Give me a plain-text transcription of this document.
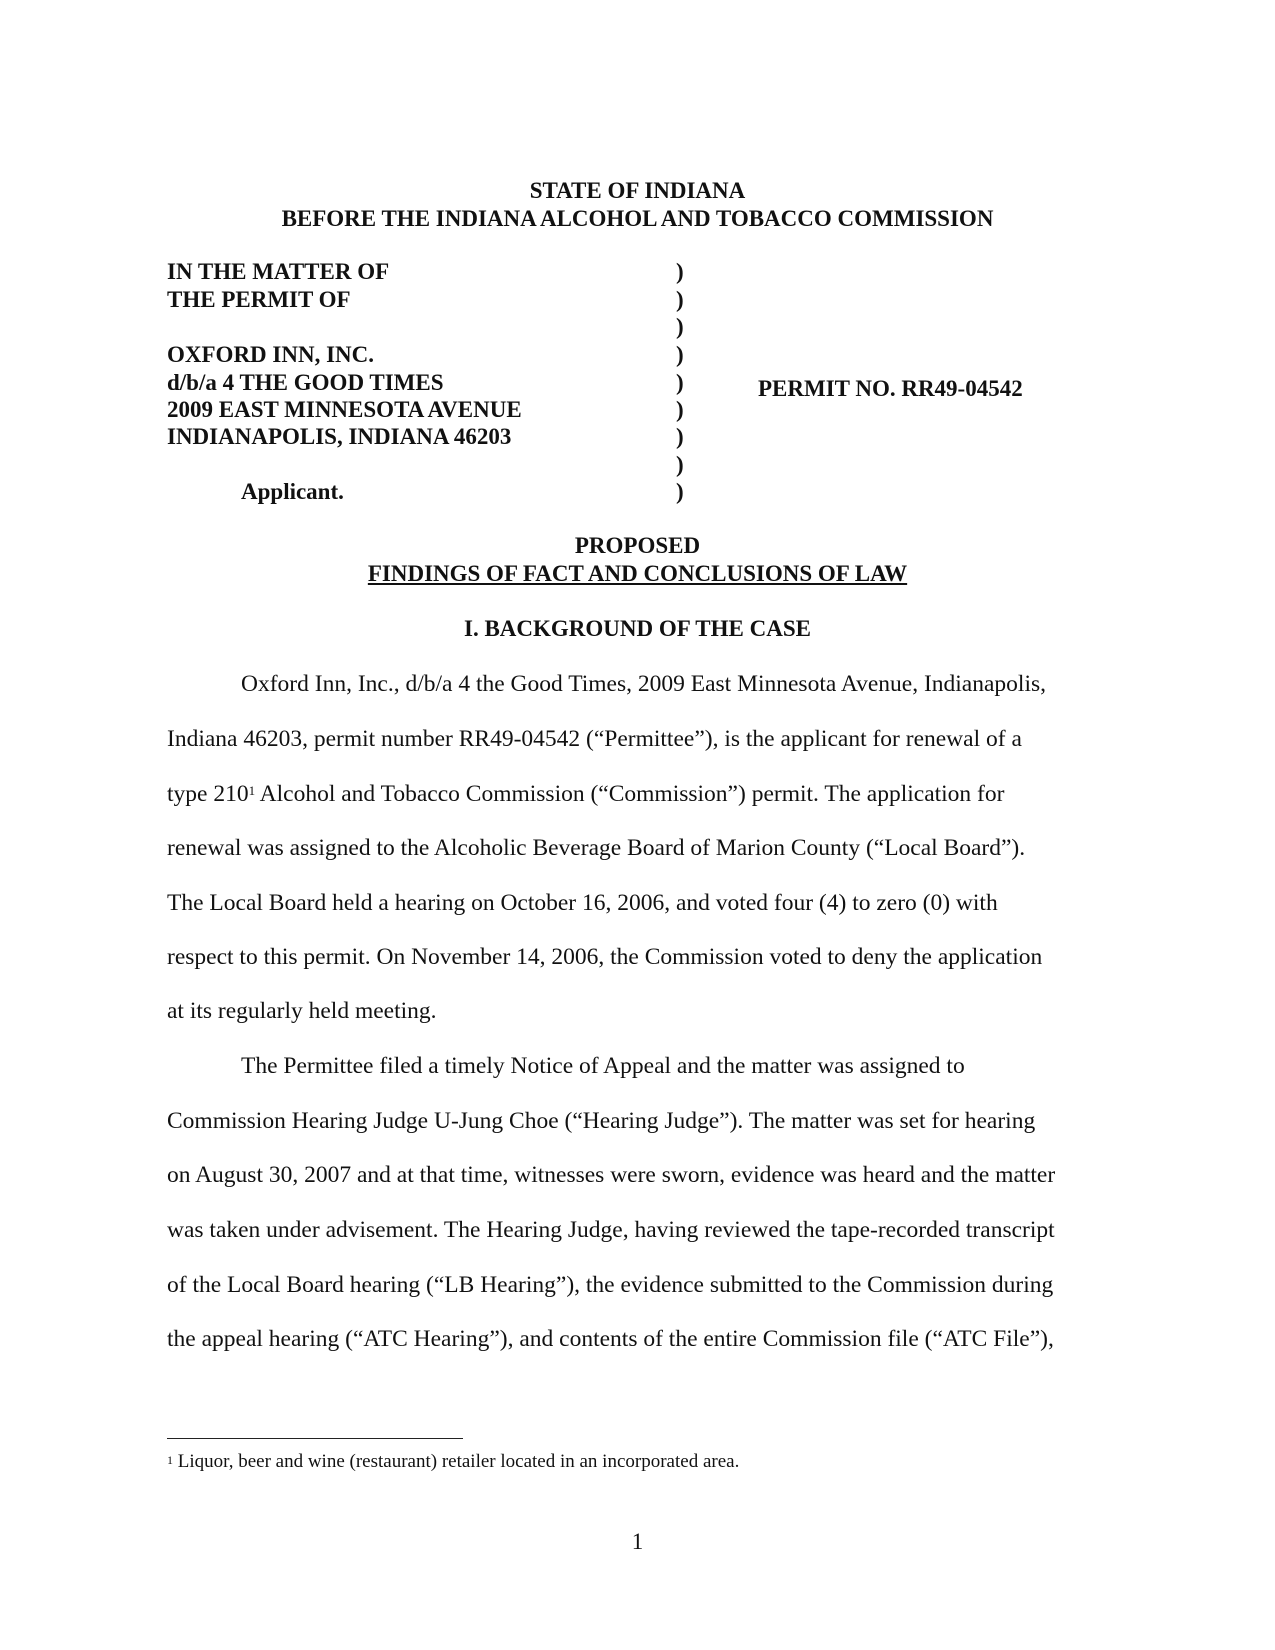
STATE OF INDIANA
BEFORE THE INDIANA ALCOHOL AND TOBACCO COMMISSION
IN THE MATTER OF
THE PERMIT OF
OXFORD INN, INC.
d/b/a 4 THE GOOD TIMES
2009 EAST MINNESOTA AVENUE
INDIANAPOLIS, INDIANA 46203
Applicant.
)
)
)
)
)
)
)
)
)
PERMIT NO. RR49-04542
PROPOSED
FINDINGS OF FACT AND CONCLUSIONS OF LAW
I. BACKGROUND OF THE CASE
Oxford Inn, Inc., d/b/a 4 the Good Times, 2009 East Minnesota Avenue, Indianapolis,
Indiana 46203, permit number RR49-04542 (“Permittee”), is the applicant for renewal of a
type $210^1$ Alcohol and Tobacco Commission (“Commission”) permit. The application for
renewal was assigned to the Alcoholic Beverage Board of Marion County (“Local Board”).
The Local Board held a hearing on October 16, 2006, and voted four (4) to zero (0) with
respect to this permit. On November 14, 2006, the Commission voted to deny the application
at its regularly held meeting.
The Permittee filed a timely Notice of Appeal and the matter was assigned to
Commission Hearing Judge U-Jung Choe (“Hearing Judge”). The matter was set for hearing
on August 30, 2007 and at that time, witnesses were sworn, evidence was heard and the matter
was taken under advisement. The Hearing Judge, having reviewed the tape-recorded transcript
of the Local Board hearing (“LB Hearing”), the evidence submitted to the Commission during
the appeal hearing (“ATC Hearing”), and contents of the entire Commission file (“ATC File”),
$^1$ Liquor, beer and wine (restaurant) retailer located in an incorporated area.
1
